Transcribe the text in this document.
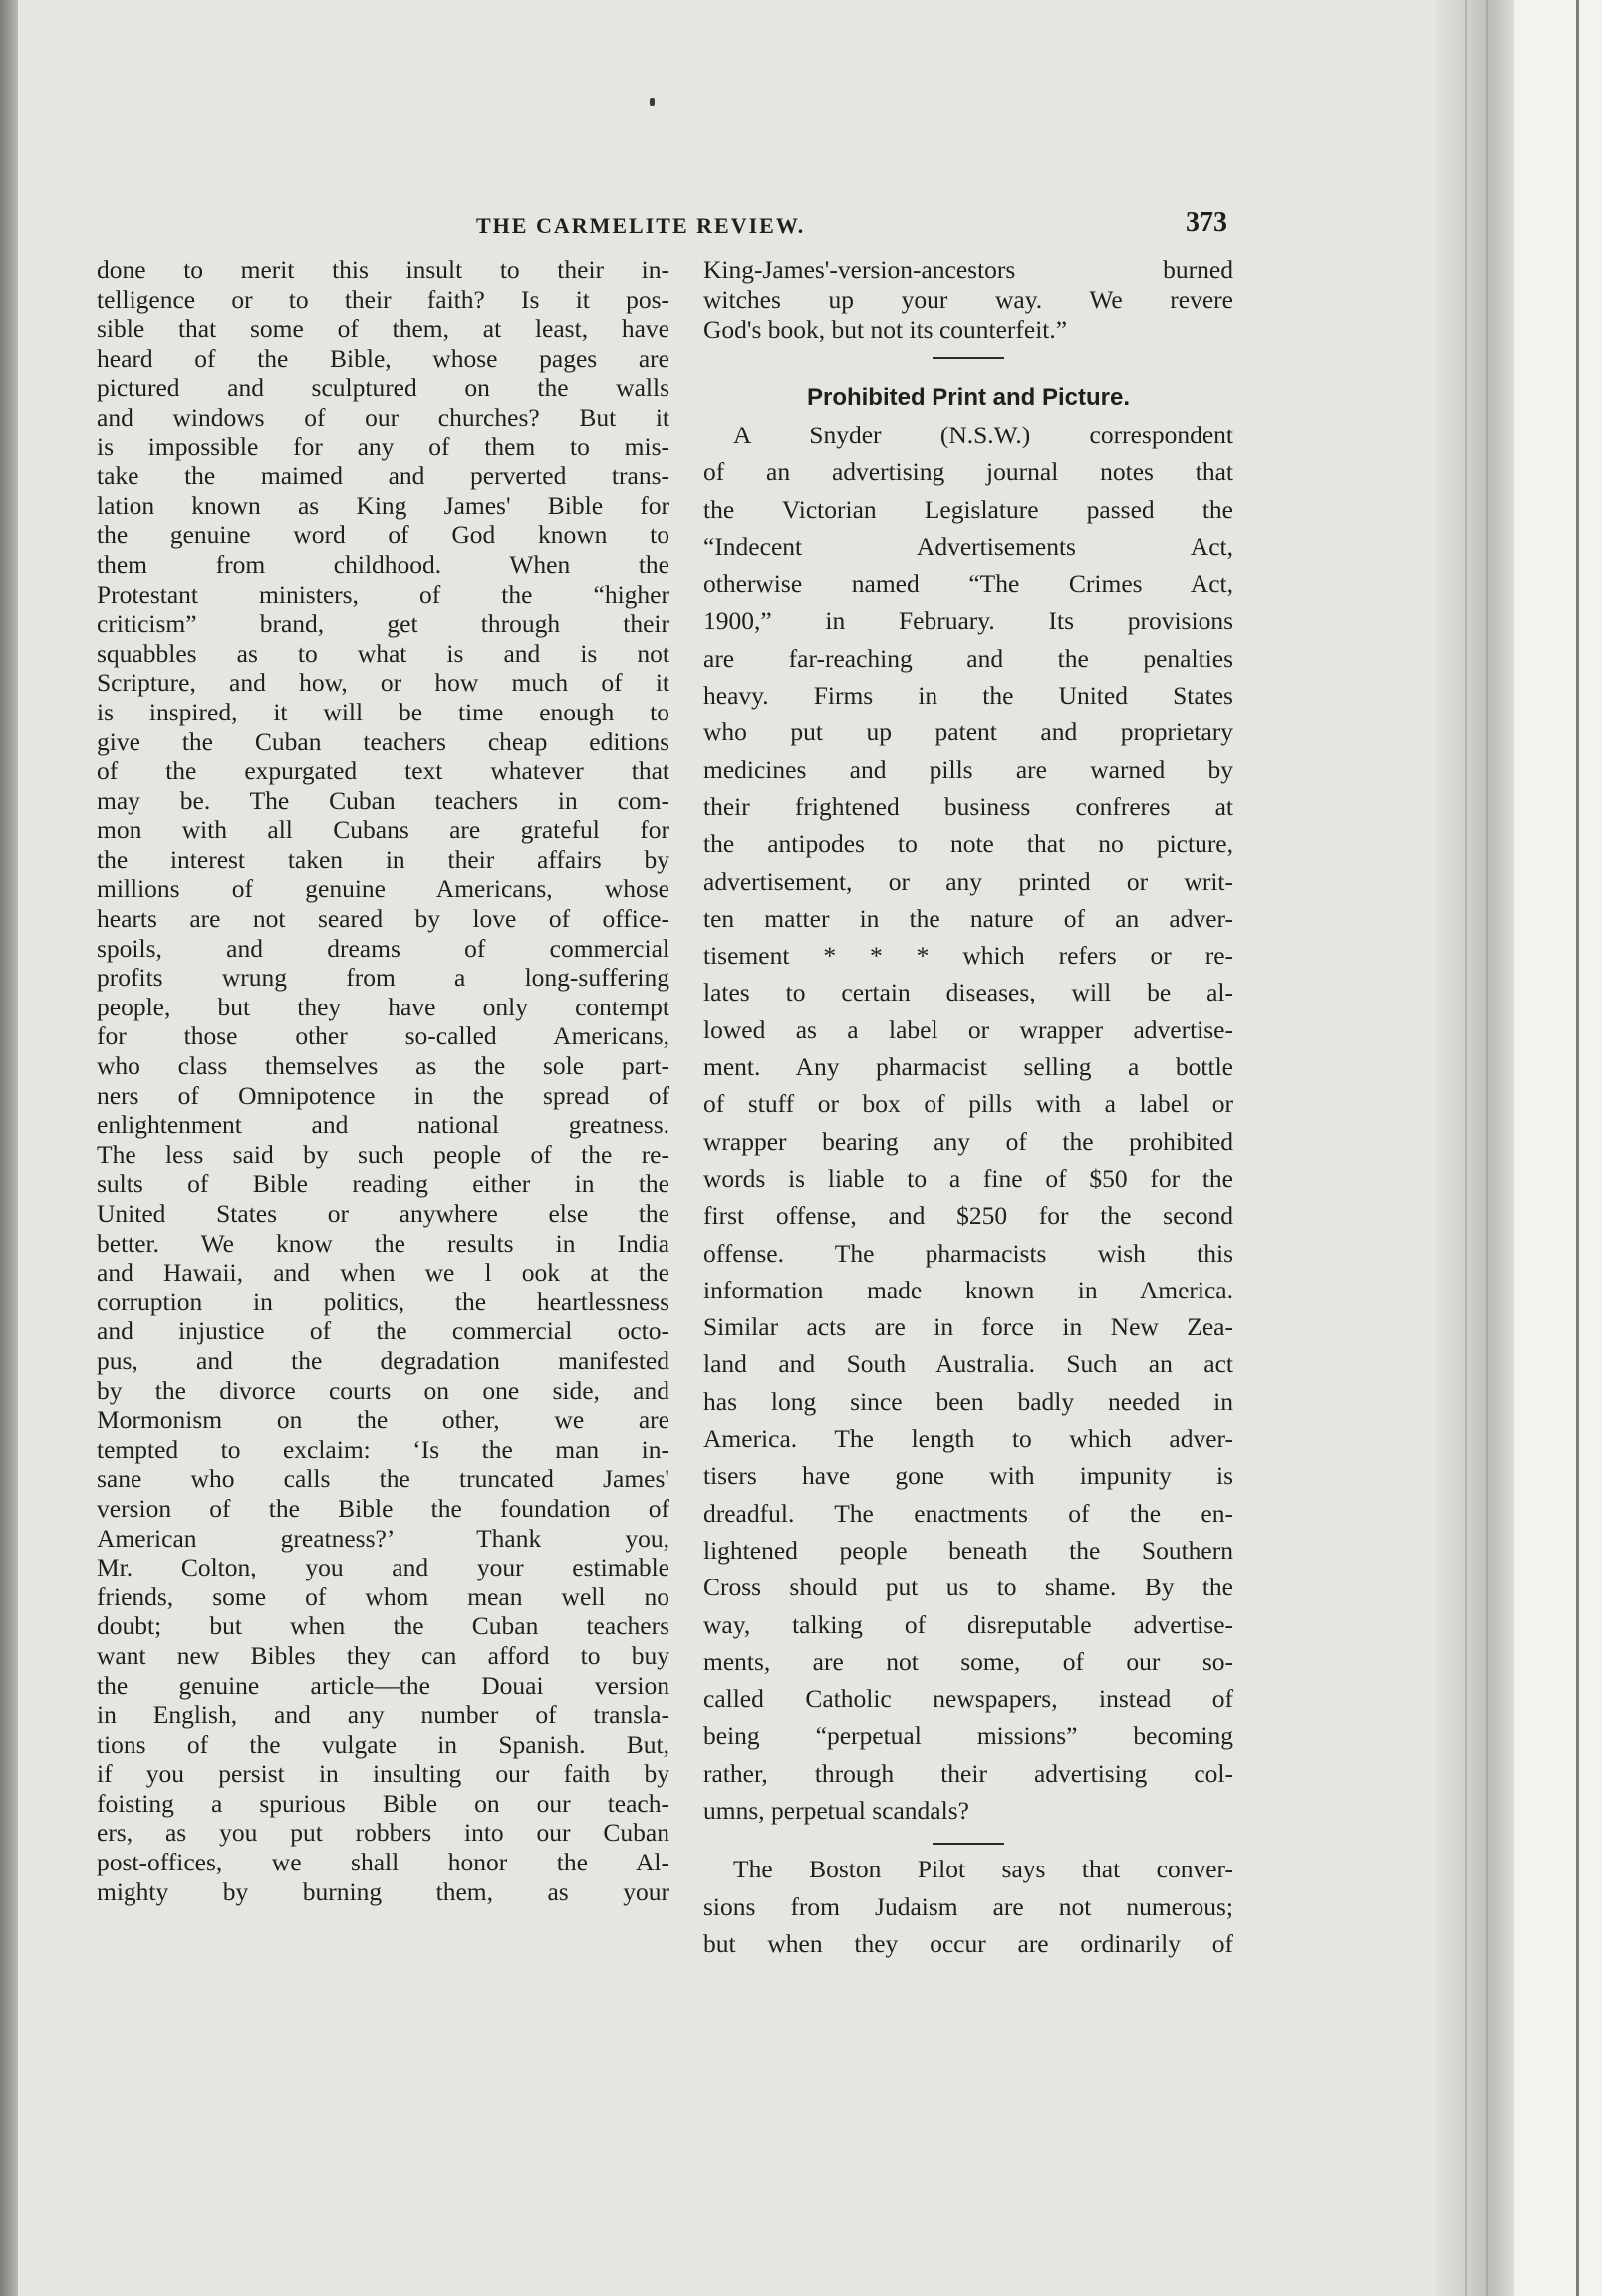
THE CARMELITE REVIEW.	373
done to merit this insult to their in-
telligence or to their faith? Is it pos-
sible that some of them, at least, have
heard of the Bible, whose pages are
pictured and sculptured on the walls
and windows of our churches? But it
is impossible for any of them to mis-
take the maimed and perverted trans-
lation known as King James' Bible for
the genuine word of God known to
them from childhood. When the
Protestant ministers, of the “higher
criticism” brand, get through their
squabbles as to what is and is not
Scripture, and how, or how much of it
is inspired, it will be time enough to
give the Cuban teachers cheap editions
of the expurgated text whatever that
may be. The Cuban teachers in com-
mon with all Cubans are grateful for
the interest taken in their affairs by
millions of genuine Americans, whose
hearts are not seared by love of office-
spoils, and dreams of commercial
profits wrung from a long-suffering
people, but they have only contempt
for those other so-called Americans,
who class themselves as the sole part-
ners of Omnipotence in the spread of
enlightenment and national greatness.
The less said by such people of the re-
sults of Bible reading either in the
United States or anywhere else the
better. We know the results in India
and Hawaii, and when we l ook at the
corruption in politics, the heartlessness
and injustice of the commercial octo-
pus, and the degradation manifested
by the divorce courts on one side, and
Mormonism on the other, we are
tempted to exclaim: ‘Is the man in-
sane who calls the truncated James'
version of the Bible the foundation of
American greatness?’ Thank you,
Mr. Colton, you and your estimable
friends, some of whom mean well no
doubt; but when the Cuban teachers
want new Bibles they can afford to buy
the genuine article—the Douai version
in English, and any number of transla-
tions of the vulgate in Spanish. But,
if you persist in insulting our faith by
foisting a spurious Bible on our teach-
ers, as you put robbers into our Cuban
post-offices, we shall honor the Al-
mighty by burning them, as your
King-James'-version-ancestors burned
witches up your way. We revere
God's book, but not its counterfeit.”
Prohibited Print and Picture.
A Snyder (N.S.W.) correspondent
of an advertising journal notes that
the Victorian Legislature passed the
“Indecent Advertisements Act,
otherwise named “The Crimes Act,
1900,” in February. Its provisions
are far-reaching and the penalties
heavy. Firms in the United States
who put up patent and proprietary
medicines and pills are warned by
their frightened business confreres at
the antipodes to note that no picture,
advertisement, or any printed or writ-
ten matter in the nature of an adver-
tisement * * * which refers or re-
lates to certain diseases, will be al-
lowed as a label or wrapper advertise-
ment. Any pharmacist selling a bottle
of stuff or box of pills with a label or
wrapper bearing any of the prohibited
words is liable to a fine of $50 for the
first offense, and $250 for the second
offense. The pharmacists wish this
information made known in America.
Similar acts are in force in New Zea-
land and South Australia. Such an act
has long since been badly needed in
America. The length to which adver-
tisers have gone with impunity is
dreadful. The enactments of the en-
lightened people beneath the Southern
Cross should put us to shame. By the
way, talking of disreputable advertise-
ments, are not some, of our so-
called Catholic newspapers, instead of
being “perpetual missions” becoming
rather, through their advertising col-
umns, perpetual scandals?
The Boston Pilot says that conver-
sions from Judaism are not numerous;
but when they occur are ordinarily of
